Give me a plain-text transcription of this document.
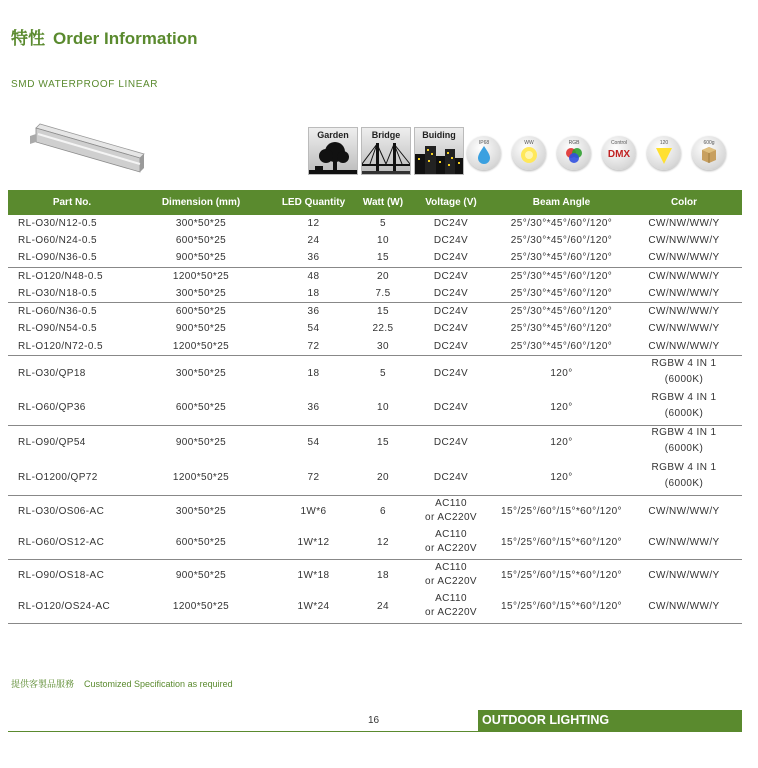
特性 Order Information
SMD WATERPROOF LINEAR
Garden	Bridge	Buiding
IP68	WW	RGB	Control
DMX
120	600g
Part No.	Dimension (mm)	LED Quantity	Watt (W)	Voltage (V)	Beam Angle	Color
RL-O30/N12-0.5	300*50*25	12	5	DC24V	25°/30°*45°/60°/120°	CW/NW/WW/Y
RL-O60/N24-0.5	600*50*25	24	10	DC24V	25°/30°*45°/60°/120°	CW/NW/WW/Y
RL-O90/N36-0.5	900*50*25	36	15	DC24V	25°/30°*45°/60°/120°	CW/NW/WW/Y
RL-O120/N48-0.5	1200*50*25	48	20	DC24V	25°/30°*45°/60°/120°	CW/NW/WW/Y
RL-O30/N18-0.5	300*50*25	18	7.5	DC24V	25°/30°*45°/60°/120°	CW/NW/WW/Y
RL-O60/N36-0.5	600*50*25	36	15	DC24V	25°/30°*45°/60°/120°	CW/NW/WW/Y
RL-O90/N54-0.5	900*50*25	54	22.5	DC24V	25°/30°*45°/60°/120°	CW/NW/WW/Y
RL-O120/N72-0.5	1200*50*25	72	30	DC24V	25°/30°*45°/60°/120°	CW/NW/WW/Y
RL-O30/QP18	300*50*25	18	5	DC24V	120°	RGBW 4 IN 1
(6000K)

RL-O60/QP36	600*50*25	36	10	DC24V	120°	RGBW 4 IN 1
(6000K)

RL-O90/QP54	900*50*25	54	15	DC24V	120°	RGBW 4 IN 1
(6000K)

RL-O1200/QP72	1200*50*25	72	20	DC24V	120°	RGBW 4 IN 1
(6000K)

RL-O30/OS06-AC	300*50*25	1W*6	6	AC110
or AC220V	15°/25°/60°/15°*60°/120°	CW/NW/WW/Y
RL-O60/OS12-AC	600*50*25	1W*12	12	AC110
or AC220V	15°/25°/60°/15°*60°/120°	CW/NW/WW/Y
RL-O90/OS18-AC	900*50*25	1W*18	18	AC110
or AC220V	15°/25°/60°/15°*60°/120°	CW/NW/WW/Y
RL-O120/OS24-AC	1200*50*25	1W*24	24	AC110
or AC220V	15°/25°/60°/15°*60°/120°	CW/NW/WW/Y
提供客製品服務 Customized Specification as required
16	OUTDOOR LIGHTING
